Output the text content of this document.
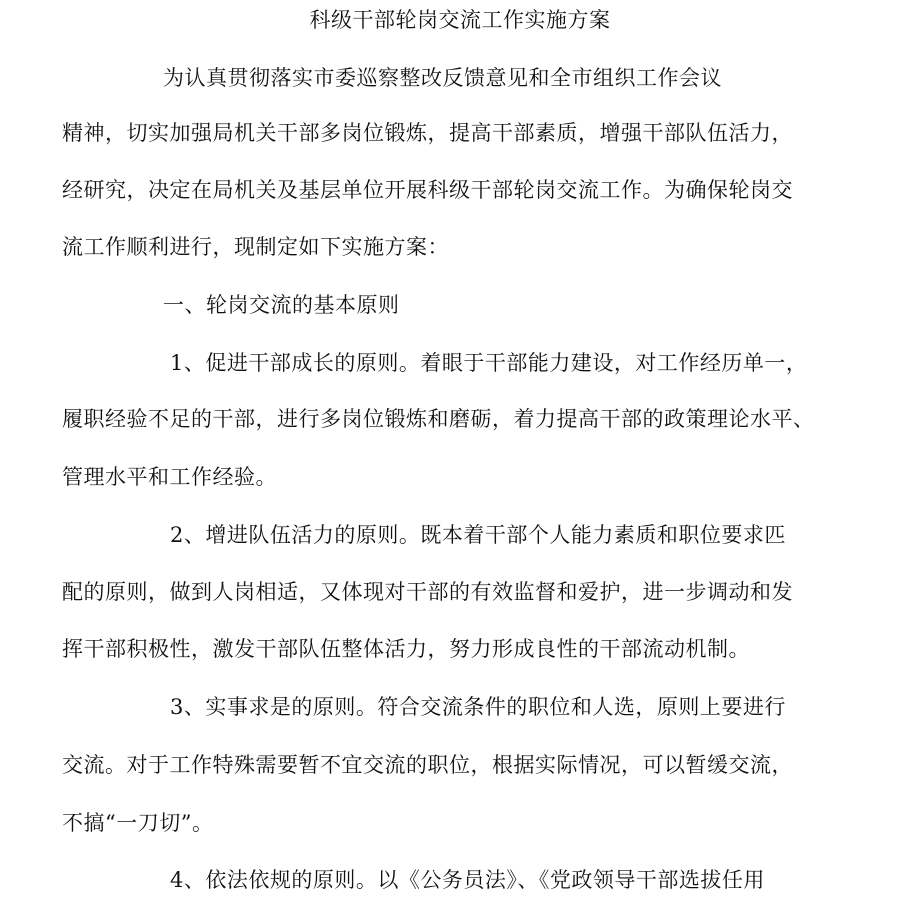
科级干部轮岗交流工作实施方案
为认真贯彻落实市委巡察整改反馈意见和全市组织工作会议
精神，切实加强局机关干部多岗位锻炼，提高干部素质，增强干部队伍活力，
经研究，决定在局机关及基层单位开展科级干部轮岗交流工作。为确保轮岗交
流工作顺利进行，现制定如下实施方案：
一、轮岗交流的基本原则
1、促进干部成长的原则。着眼于干部能力建设，对工作经历单一，
履职经验不足的干部，进行多岗位锻炼和磨砺，着力提高干部的政策理论水平、
管理水平和工作经验。
2、增进队伍活力的原则。既本着干部个人能力素质和职位要求匹
配的原则，做到人岗相适，又体现对干部的有效监督和爱护，进一步调动和发
挥干部积极性，激发干部队伍整体活力，努力形成良性的干部流动机制。
3、实事求是的原则。符合交流条件的职位和人选，原则上要进行
交流。对于工作特殊需要暂不宜交流的职位，根据实际情况，可以暂缓交流，
不搞“一刀切”。
4、依法依规的原则。以《公务员法》、《党政领导干部选拔任用
